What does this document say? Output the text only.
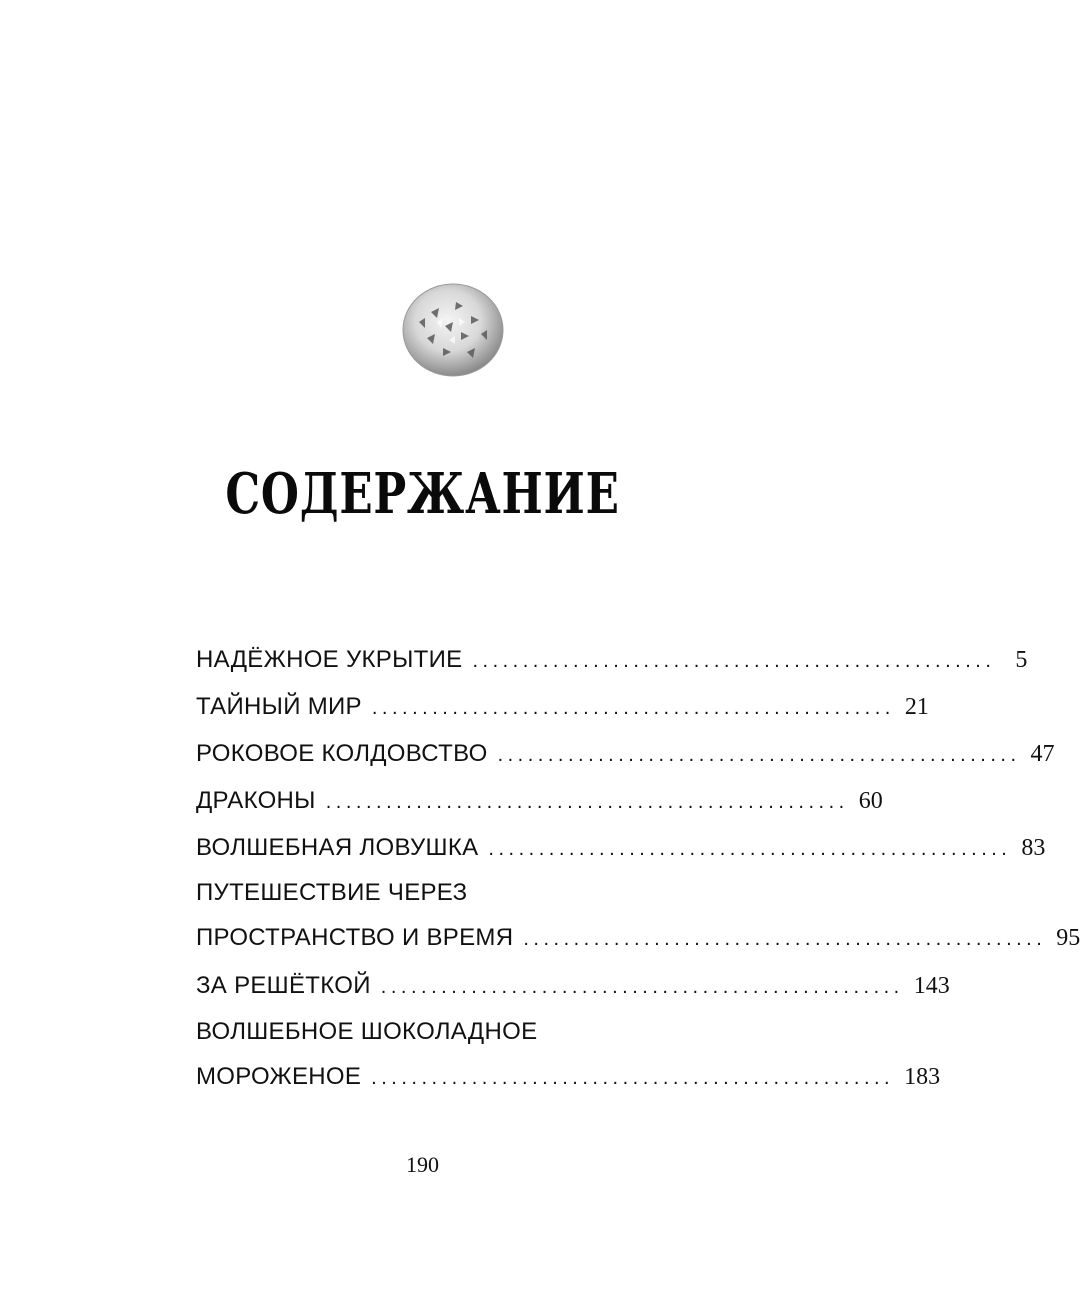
СОДЕРЖАНИЕ
НАДЁЖНОЕ УКРЫТИЕ .................................................... 5
ТАЙНЫЙ МИР .................................................... 21
РОКОВОЕ КОЛДОВСТВО .................................................... 47
ДРАКОНЫ .................................................... 60
ВОЛШЕБНАЯ ЛОВУШКА .................................................... 83
ПУТЕШЕСТВИЕ ЧЕРЕЗ
ПРОСТРАНСТВО И ВРЕМЯ .................................................... 95
ЗА РЕШЁТКОЙ .................................................... 143
ВОЛШЕБНОЕ ШОКОЛАДНОЕ
МОРОЖЕНОЕ .................................................... 183
190
